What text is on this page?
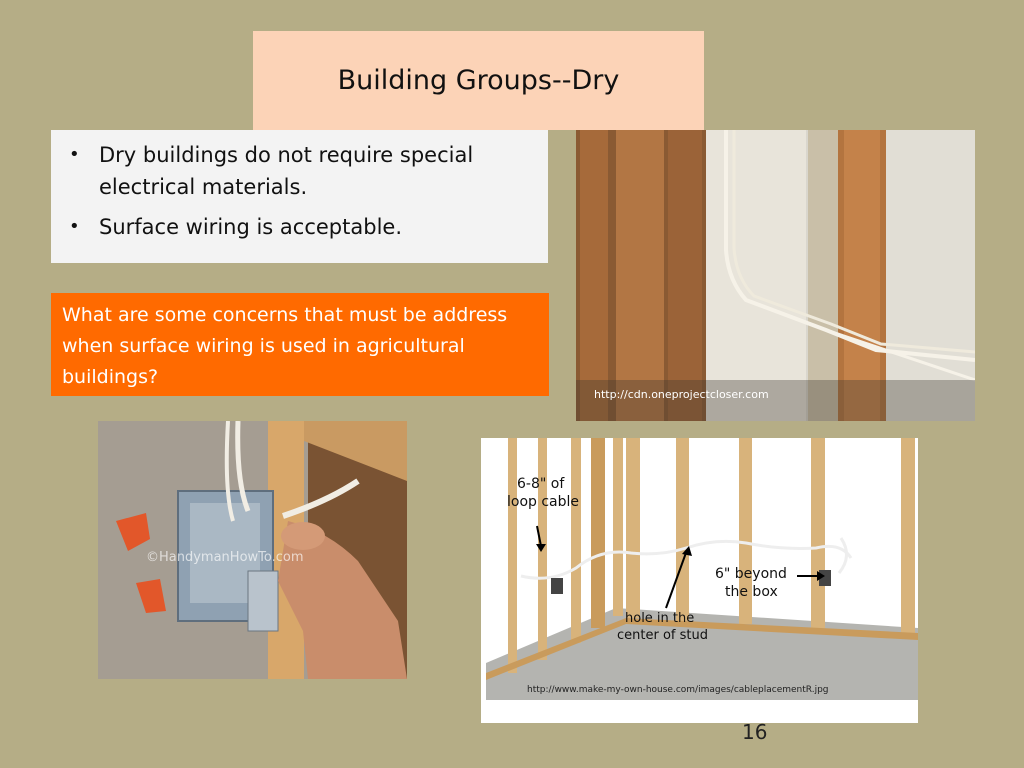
Building Groups--Dry
• Dry buildings do not require special electrical materials.
• Surface wiring is acceptable.
What are some concerns that must be address when surface wiring is used in agricultural buildings?
http://cdn.oneprojectcloser.com
©HandymanHowTo.com
6-8" of
loop cable
6" beyond
the box
hole in the
center of stud
http://www.make-my-own-house.com/images/cableplacementR.jpg
16
